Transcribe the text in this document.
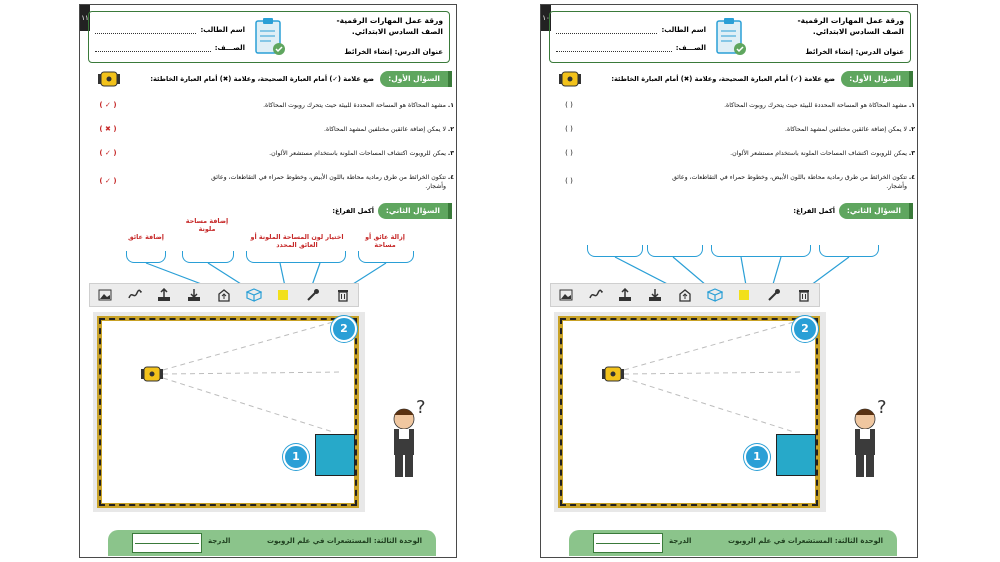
١١	ورقة عمل المهارات الرقمية-الصف السادس الابتدائي.
عنوان الدرس: إنشاء الخرائط
اسم الطالب:
الصـــف:
السؤال الأول:
ضع علامة (✓) أمام العبارة الصحيحة، وعلامة (✖) أمام العبارة الخاطئة:
١.
مشهد المحاكاة هو المساحة المحددة للبيئة حيث يتحرك روبوت المحاكاة.
( ✓ )
٢.
لا يمكن إضافة عائقين مختلفين لمشهد المحاكاة.
( ✖ )
٣.
يمكن للروبوت اكتشاف المساحات الملونة باستخدام مستشعر الألوان.
( ✓ )
٤.
تتكون الخرائط من طرق رمادية محاطة باللون الأبيض، وخطوط حمراء في التقاطعات، وعائق وأشجار.
( ✓ )
السؤال الثاني:
أكمل الفراغ:
إضافة عائق
إضافة مساحة ملونة
اختيار لون المساحة الملونة أو العائق المحدد
إزالة عائق أو مساحة
1
2
?
الوحدة الثالثة: المستشعرات في علم الروبوت
الدرجة
١٠	ورقة عمل المهارات الرقمية-الصف السادس الابتدائي.
عنوان الدرس: إنشاء الخرائط
اسم الطالب:
الصـــف:
السؤال الأول:
ضع علامة (✓) أمام العبارة الصحيحة، وعلامة (✖) أمام العبارة الخاطئة:
١.
مشهد المحاكاة هو المساحة المحددة للبيئة حيث يتحرك روبوت المحاكاة.
( )
٢.
لا يمكن إضافة عائقين مختلفين لمشهد المحاكاة.
( )
٣.
يمكن للروبوت اكتشاف المساحات الملونة باستخدام مستشعر الألوان.
( )
٤.
تتكون الخرائط من طرق رمادية محاطة باللون الأبيض، وخطوط حمراء في التقاطعات، وعائق وأشجار.
( )
السؤال الثاني:
أكمل الفراغ:
1
2
?
الوحدة الثالثة: المستشعرات في علم الروبوت
الدرجة
